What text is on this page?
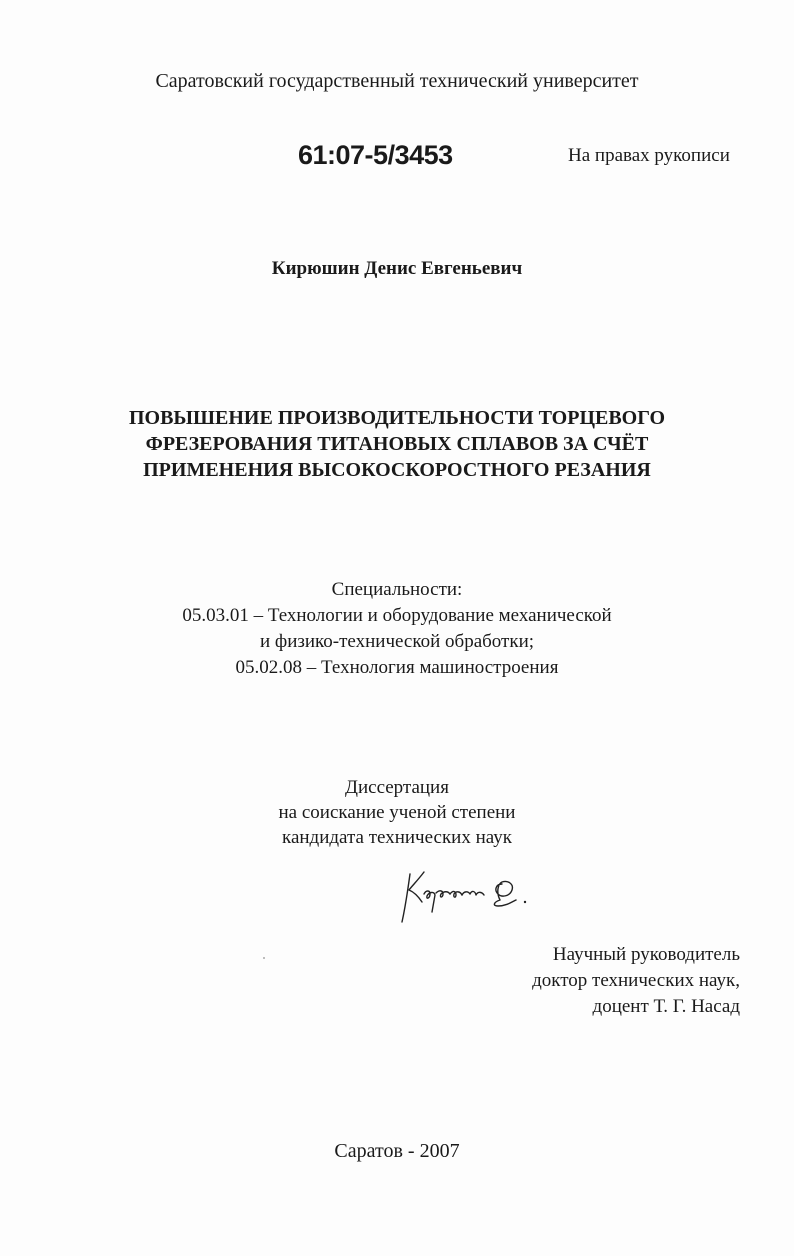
Саратовский государственный технический университет
61:07-5/3453	На правах рукописи
Кирюшин Денис Евгеньевич
ПОВЫШЕНИЕ ПРОИЗВОДИТЕЛЬНОСТИ ТОРЦЕВОГО
ФРЕЗЕРОВАНИЯ ТИТАНОВЫХ СПЛАВОВ ЗА СЧЁТ
ПРИМЕНЕНИЯ ВЫСОКОСКОРОСТНОГО РЕЗАНИЯ
Специальности:
05.03.01 – Технологии и оборудование механической
и физико-технической обработки;
05.02.08 – Технология машиностроения
Диссертация
на соискание ученой степени
кандидата технических наук
Научный руководитель
доктор технических наук,
доцент Т. Г. Насад
Саратов - 2007
